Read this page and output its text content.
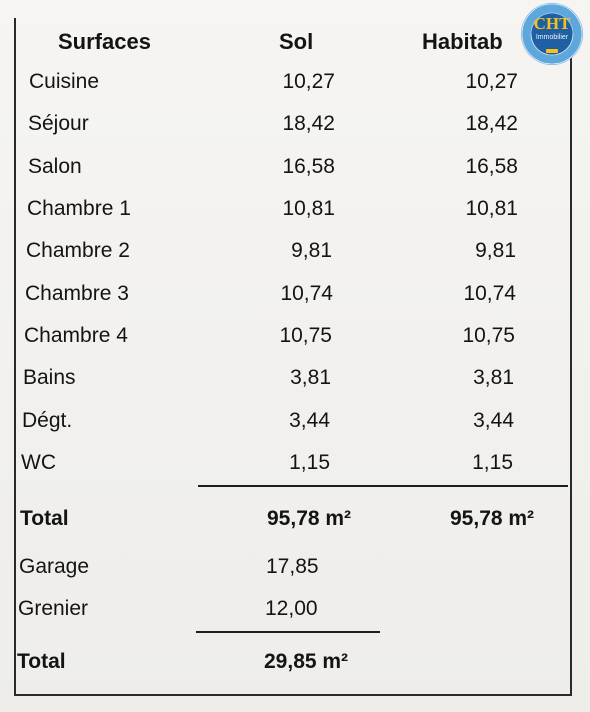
Surfaces	Sol	Habitab
Cuisine	10,27	10,27
Séjour	18,42	18,42
Salon	16,58	16,58
Chambre 1	10,81	10,81
Chambre 2	9,81	9,81
Chambre 3	10,74	10,74
Chambre 4	10,75	10,75
Bains	3,81	3,81
Dégt.	3,44	3,44
WC	1,15	1,15
Total	95,78 m²	95,78 m²
Garage	17,85
Grenier	12,00
Total	29,85 m²
CHT
Immobilier
